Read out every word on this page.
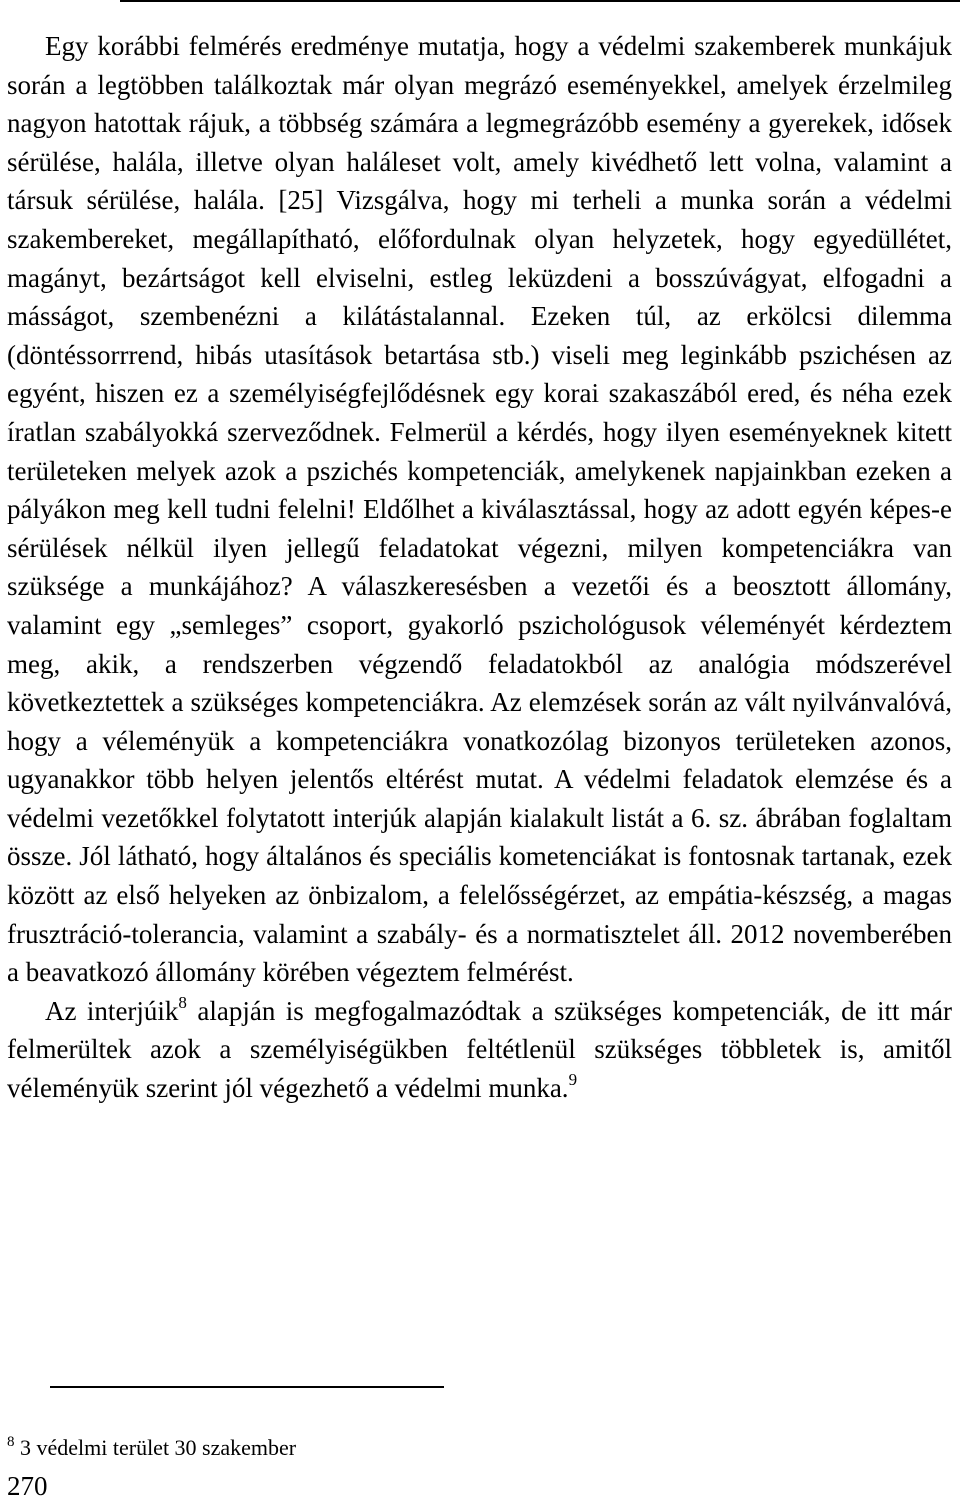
Egy korábbi felmérés eredménye mutatja, hogy a védelmi szakemberek munkájuk során a legtöbben találkoztak már olyan megrázó eseményekkel, amelyek érzelmileg nagyon hatottak rájuk, a többség számára a legmegrázóbb esemény a gyerekek, idősek sérülése, halála, illetve olyan haláleset volt, amely kivédhető lett volna, valamint a társuk sérülése, halála. [25] Vizsgálva, hogy mi terheli a munka során a védelmi szakembereket, megállapítható, előfordulnak olyan helyzetek, hogy egyedüllétet, magányt, bezártságot kell elviselni, estleg leküzdeni a bosszúvágyat, elfogadni a másságot, szembenézni a kilátástalannal. Ezeken túl, az erkölcsi dilemma (döntéssorrrend, hibás utasítások betartása stb.) viseli meg leginkább pszichésen az egyént, hiszen ez a személyiségfejlődésnek egy korai szakaszából ered, és néha ezek íratlan szabályokká szerveződnek. Felmerül a kérdés, hogy ilyen eseményeknek kitett területeken melyek azok a pszichés kompetenciák, amelykenek napjainkban ezeken a pályákon meg kell tudni felelni! Eldőlhet a kiválasztással, hogy az adott egyén képes-e sérülések nélkül ilyen jellegű feladatokat végezni, milyen kompetenciákra van szüksége a munkájához? A válaszkeresésben a vezetői és a beosztott állomány, valamint egy „semleges” csoport, gyakorló pszichológusok véleményét kérdeztem meg, akik, a rendszerben végzendő feladatokból az analógia módszerével következtettek a szükséges kompetenciákra. Az elemzések során az vált nyilvánvalóvá, hogy a véleményük a kompetenciákra vonatkozólag bizonyos területeken azonos, ugyanakkor több helyen jelentős eltérést mutat. A védelmi feladatok elemzése és a védelmi vezetőkkel folytatott interjúk alapján kialakult listát a 6. sz. ábrában foglaltam össze. Jól látható, hogy általános és speciális kometenciákat is fontosnak tartanak, ezek között az első helyeken az önbizalom, a felelősségérzet, az empátia-készség, a magas frusztráció-tolerancia, valamint a szabály- és a normatisztelet áll. 2012 novemberében a beavatkozó állomány körében végeztem felmérést.

Az interjúik$^8$ alapján is megfogalmazódtak a szükséges kompetenciák, de itt már felmerültek azok a személyiségükben feltétlenül szükséges többletek is, amitől véleményük szerint jól végezhető a védelmi munka.$^9$

$^8$ 3 védelmi terület 30 szakember
270
